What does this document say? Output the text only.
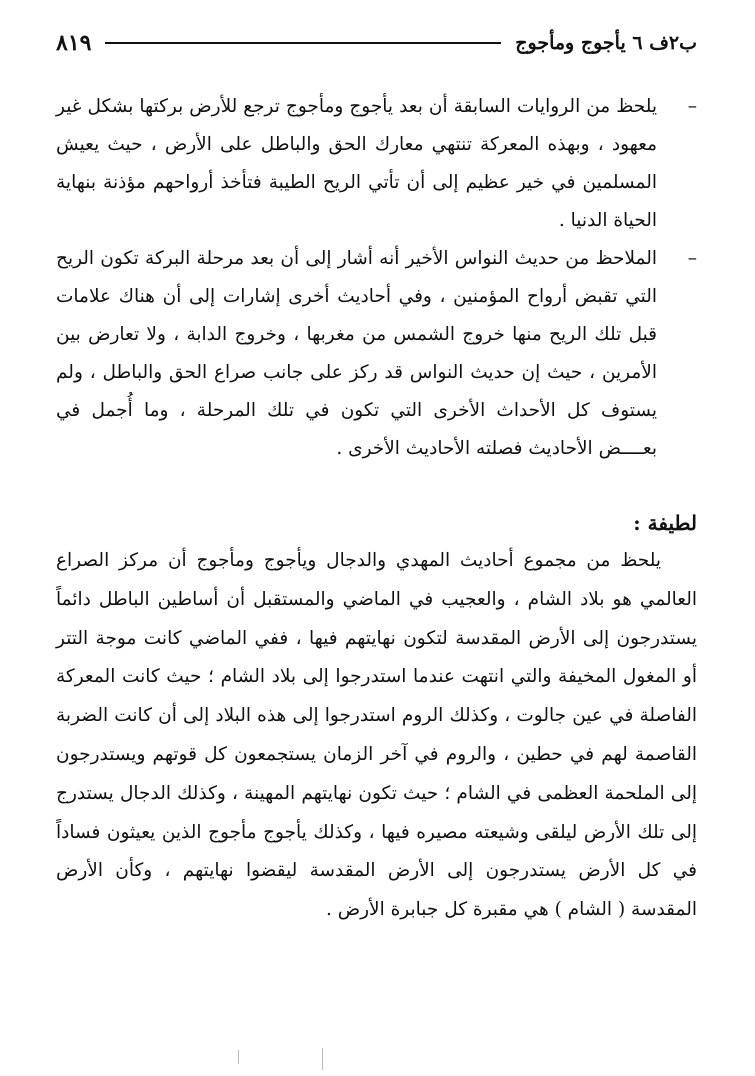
ب٢ف ٦ يأجوج ومأجوج
٨١٩
–
يلحظ من الروايات السابقة أن بعد يأجوج ومأجوج ترجع للأرض بركتها بشكل غير معهود ، وبهذه المعركة تنتهي معارك الحق والباطل على الأرض ، حيث يعيش المسلمين في خير عظيم إلى أن تأتي الريح الطيبة فتأخذ أرواحهم مؤذنة بنهاية الحياة الدنيا .
–
الملاحظ من حديث النواس الأخير أنه أشار إلى أن بعد مرحلة البركة تكون الريح التي تقبض أرواح المؤمنين ، وفي أحاديث أخرى إشارات إلى أن هناك علامات قبل تلك الريح منها خروج الشمس من مغربها ، وخروج الدابة ، ولا تعارض بين الأمرين ، حيث إن حديث النواس قد ركز على جانب صراع الحق والباطل ، ولم يستوف كل الأحداث الأخرى التي تكون في تلك المرحلة ، وما أُجمل في بعــــض الأحاديث فصلته الأحاديث الأخرى .
لطيفة :

يلحظ من مجموع أحاديث المهدي والدجال ويأجوج ومأجوج أن مركز الصراع العالمي هو بلاد الشام ، والعجيب في الماضي والمستقبل أن أساطين الباطل دائماً يستدرجون إلى الأرض المقدسة لتكون نهايتهم فيها ، ففي الماضي كانت موجة التتر أو المغول المخيفة والتي انتهت عندما استدرجوا إلى بلاد الشام ؛ حيث كانت المعركة الفاصلة في عين جالوت ، وكذلك الروم استدرجوا إلى هذه البلاد إلى أن كانت الضربة القاصمة لهم في حطين ، والروم في آخر الزمان يستجمعون كل قوتهم ويستدرجون إلى الملحمة العظمى في الشام ؛ حيث تكون نهايتهم المهينة ، وكذلك الدجال يستدرج إلى تلك الأرض ليلقى وشيعته مصيره فيها ، وكذلك يأجوج مأجوج الذين يعيثون فساداً في كل الأرض يستدرجون إلى الأرض المقدسة ليقضوا نهايتهم ، وكأن الأرض المقدسة ( الشام ) هي مقبرة كل جبابرة الأرض .
